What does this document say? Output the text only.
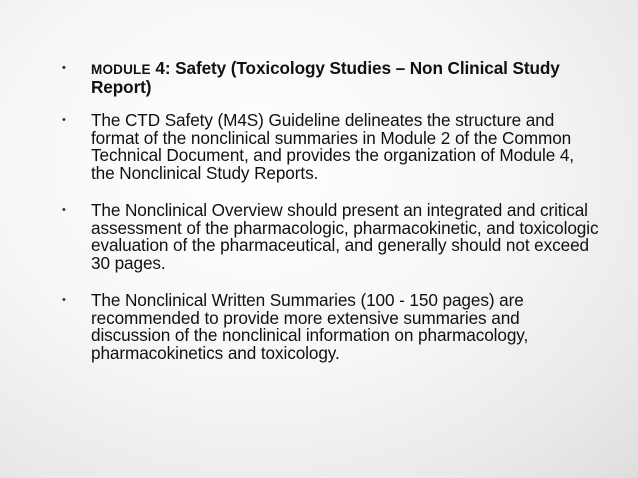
• MODULE 4: Safety (Toxicology Studies – Non Clinical Study Report)
• The CTD Safety (M4S) Guideline delineates the structure and format of the nonclinical summaries in Module 2 of the Common Technical Document, and provides the organization of Module 4, the Nonclinical Study Reports.
• The Nonclinical Overview should present an integrated and critical assessment of the pharmacologic, pharmacokinetic, and toxicologic evaluation of the pharmaceutical, and generally should not exceed 30 pages.
• The Nonclinical Written Summaries (100 - 150 pages) are recommended to provide more extensive summaries and discussion of the nonclinical information on pharmacology, pharmacokinetics and toxicology.
